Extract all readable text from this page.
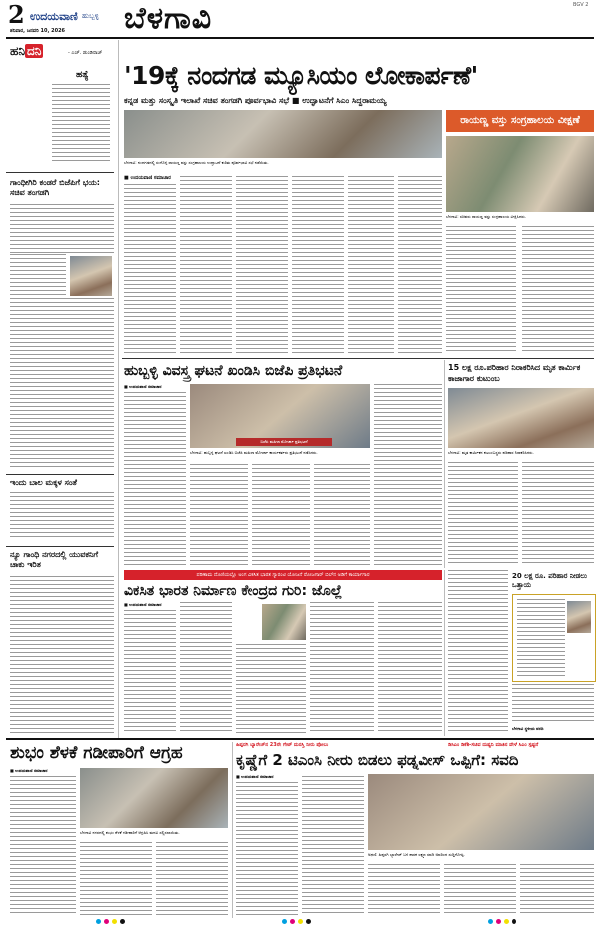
2 ಉದಯವಾಣಿ ಹುಬ್ಬಳ್ಳಿ
ಶನಿವಾರ, ಜನವರಿ 10, 2026 ಬೆಳಗಾವಿ	BGV 2
ಹನಿ ದನಿ	- ಎಚ್. ಡುಂಡಿರಾಜ್
ಹತ್ಯೆ
ಗಾಂಧೀಗಿರಿ ಕಂಡರೆ ಬಿಜೆಪಿಗೆ ಭಯ: ಸಚಿವ ತಂಗಡಗಿ
ಇಂದು ಬಾಲ ಮಕ್ಕಳ ಸಂತೆ
ನ್ಯೂ ಗಾಂಧಿ ನಗರದಲ್ಲಿ ಯುವಕನಿಗೆ ಚಾಕು ಇರಿತ
'19ಕ್ಕೆ ನಂದಗಡ ಮ್ಯೂಸಿಯಂ ಲೋಕಾರ್ಪಣೆ'
ಕನ್ನಡ ಮತ್ತು ಸಂಸ್ಕೃತಿ ಇಲಾಖೆ ಸಚಿವ ತಂಗಡಗಿ ಪೂರ್ವಭಾವಿ ಸಭೆ ■ ಉದ್ಘಾಟನೆಗೆ ಸಿಎಂ ಸಿದ್ದರಾಮಯ್ಯ
ರಾಯಣ್ಣ ವಸ್ತು ಸಂಗ್ರಹಾಲಯ ವೀಕ್ಷಣೆ
ಬೆಳಗಾವಿ: ನಂದಗಡದಲ್ಲಿ ಸಂಗೊಳ್ಳಿ ರಾಯಣ್ಣ ವಸ್ತು ಸಂಗ್ರಹಾಲಯ ಉದ್ಘಾಟನೆ ಕುರಿತು ಪೂರ್ವಭಾವಿ ಸಭೆ ನಡೆಯಿತು.
■ ಉದಯವಾಣಿ ಸಮಾಚಾರ
ಬೆಳಗಾವಿ: ಸಚಿವರು ರಾಯಣ್ಣ ವಸ್ತು ಸಂಗ್ರಹಾಲಯ ವೀಕ್ಷಿಸಿದರು.
ಹುಬ್ಬಳ್ಳಿ ವಿವಸ್ತ್ರ ಘಟನೆ ಖಂಡಿಸಿ ಬಿಜೆಪಿ ಪ್ರತಿಭಟನೆ
ಬಿಜೆಪಿ ಮಹಿಳಾ ಮೋರ್ಚಾ ಪ್ರತಿಭಟನೆ
ಬೆಳಗಾವಿ: ಹುಬ್ಬಳ್ಳಿ ಘಟನೆ ಖಂಡಿಸಿ ಬಿಜೆಪಿ ಮಹಿಳಾ ಮೋರ್ಚಾ ಕಾರ್ಯಕರ್ತರು ಪ್ರತಿಭಟನೆ ನಡೆಸಿದರು.
■ ಉದಯವಾಣಿ ಸಮಾಚಾರ
15 ಲಕ್ಷ ರೂ.ಪರಿಹಾರ ನಿರಾಕರಿಸಿದ ಮೃತ ಕಾರ್ಮಿಕ ಕಾಜಾಗಾರ ಕುಟುಂಬ
ಬೆಳಗಾವಿ: ಮೃತ ಕಾರ್ಮಿಕನ ಕುಟುಂಬಸ್ಥರು ಪರಿಹಾರ ನಿರಾಕರಿಸಿದರು.
ಪರಿಣಾಮ ದೊಣಿಯಲ್ಲೊ ಅಂಗ ವಿಕಸಿತ ಭಾರತ ಗ್ಯಾರಂಟಿ ಯೋಜನೆ ರೋಜಗಾರ್ ಬಿಲ್‌ನ ಅಡಿಗೆ ಕಾರ್ಯಾಗಾರ
ವಿಕಸಿತ ಭಾರತ ನಿರ್ಮಾಣ ಕೇಂದ್ರದ ಗುರಿ: ಜೊಲ್ಲೆ
■ ಉದಯವಾಣಿ ಸಮಾಚಾರ
20 ಲಕ್ಷ ರೂ. ಪರಿಹಾರ ನೀಡಲು ಒತ್ತಾಯ
ಬೆಳಗಾವಿ ಸ್ಥಳೀಯ ವರದಿ
ಶುಭಂ ಶೆಳಕೆ ಗಡೀಪಾರಿಗೆ ಆಗ್ರಹ
■ ಉದಯವಾಣಿ ಸಮಾಚಾರ
ಬೆಳಗಾವಿ ನಗರದಲ್ಲಿ ಶುಭಂ ಶೆಳಕೆ ಗಡೀಪಾರಿಗೆ ಆಗ್ರಹಿಸಿ ಮನವಿ ಸಲ್ಲಿಸಲಾಯಿತು.
ಹಿಪ್ಪರಗಿ ಬ್ಯಾರೇಜ್‌ನ 23ನೇ ಗೇಟ್ ದುರಸ್ತಿ ನೀರು ಪೋಲು	ಡಿಸಿಎಂ ಡಿಕೆಶಿ-ಸಚಿವ ದುಷ್ಟನಿ ಮಾತಿನ ವೇಳೆ ಸಿಎಂ ಸ್ಪಷ್ಟನೆ
ಕೃಷ್ಣೆಗೆ 2 ಟಿಎಂಸಿ ನೀರು ಬಿಡಲು ಫಡ್ನವೀಸ್ ಒಪ್ಪಿಗೆ: ಸವದಿ
■ ಉದಯವಾಣಿ ಸಮಾಚಾರ
ಅಥಣಿ: ಹಿಪ್ಪರಗಿ ಬ್ಯಾರೇಜ್ ಬಳಿ ಶಾಸಕ ಲಕ್ಷ್ಮಣ ಸವದಿ ಅವರಿಂದ ಸುದ್ದಿಗೋಷ್ಠಿ.
